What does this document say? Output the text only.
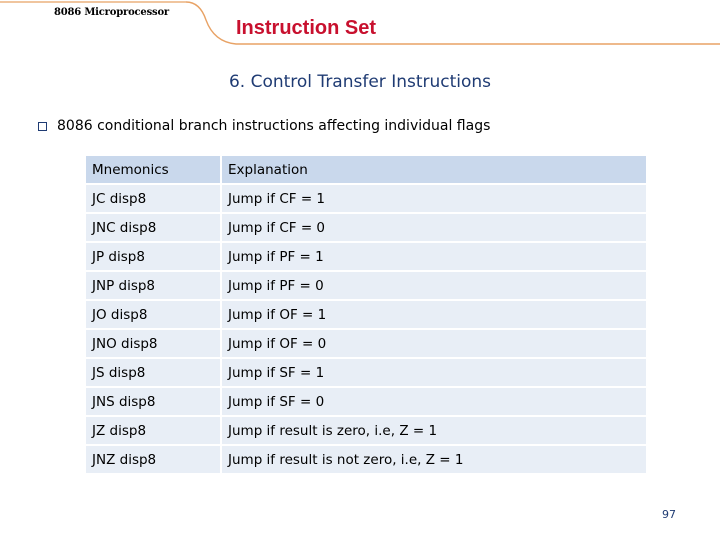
8086 Microprocessor
Instruction Set
6. Control Transfer Instructions
8086 conditional branch instructions affecting individual flags
Mnemonics	Explanation
JC disp8	Jump if CF = 1
JNC disp8	Jump if CF = 0
JP disp8	Jump if PF = 1
JNP disp8	Jump if PF = 0
JO disp8	Jump if OF = 1
JNO disp8	Jump if OF = 0
JS disp8	Jump if SF = 1
JNS disp8	Jump if SF = 0
JZ disp8	Jump if result is zero, i.e, Z = 1
JNZ disp8	Jump if result is not zero, i.e, Z = 1
97
